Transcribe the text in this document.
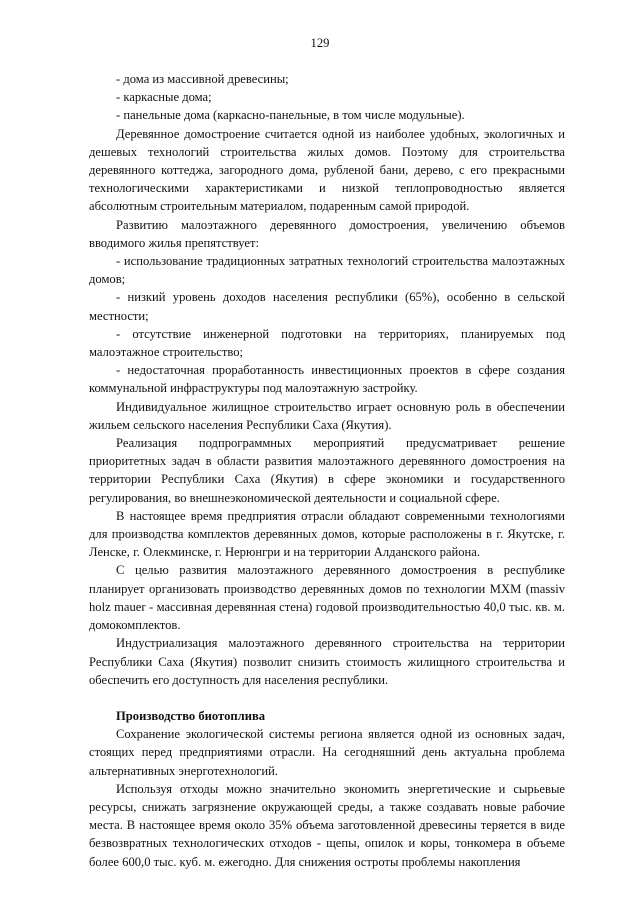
129

- дома из массивной древесины;

- каркасные дома;

- панельные дома (каркасно-панельные, в том числе модульные).

Деревянное домостроение считается одной из наиболее удобных, экологичных и дешевых технологий строительства жилых домов. Поэтому для строительства деревянного коттеджа, загородного дома, рубленой бани, дерево, с его прекрасными технологическими характеристиками и низкой теплопроводностью является абсолютным строительным материалом, подаренным самой природой.

Развитию малоэтажного деревянного домостроения, увеличению объемов вводимого жилья препятствует:

- использование традиционных затратных технологий строительства малоэтажных домов;

- низкий уровень доходов населения республики (65%), особенно в сельской местности;

- отсутствие инженерной подготовки на территориях, планируемых под малоэтажное строительство;

- недостаточная проработанность инвестиционных проектов в сфере создания коммунальной инфраструктуры под малоэтажную застройку.

Индивидуальное жилищное строительство играет основную роль в обеспечении жильем сельского населения Республики Саха (Якутия).

Реализация подпрограммных мероприятий предусматривает решение приоритетных задач в области развития малоэтажного деревянного домостроения на территории Республики Саха (Якутия) в сфере экономики и государственного регулирования, во внешнеэкономической деятельности и социальной сфере.

В настоящее время предприятия отрасли обладают современными технологиями для производства комплектов деревянных домов, которые расположены в г. Якутске, г. Ленске, г. Олекминске, г. Нерюнгри и на территории Алданского района.

С целью развития малоэтажного деревянного домостроения в республике планирует организовать производство деревянных домов по технологии МХМ (massiv holz mauer - массивная деревянная стена) годовой производительностью 40,0 тыс. кв. м. домокомплектов.

Индустриализация малоэтажного деревянного строительства на территории Республики Саха (Якутия) позволит снизить стоимость жилищного строительства и обеспечить его доступность для населения республики.

Производство биотоплива

Сохранение экологической системы региона является одной из основных задач, стоящих перед предприятиями отрасли. На сегодняшний день актуальна проблема альтернативных энерготехнологий.

Используя отходы можно значительно экономить энергетические и сырьевые ресурсы, снижать загрязнение окружающей среды, а также создавать новые рабочие места. В настоящее время около 35% объема заготовленной древесины теряется в виде безвозвратных технологических отходов - щепы, опилок и коры, тонкомера в объеме более 600,0 тыс. куб. м. ежегодно. Для снижения остроты проблемы накопления
